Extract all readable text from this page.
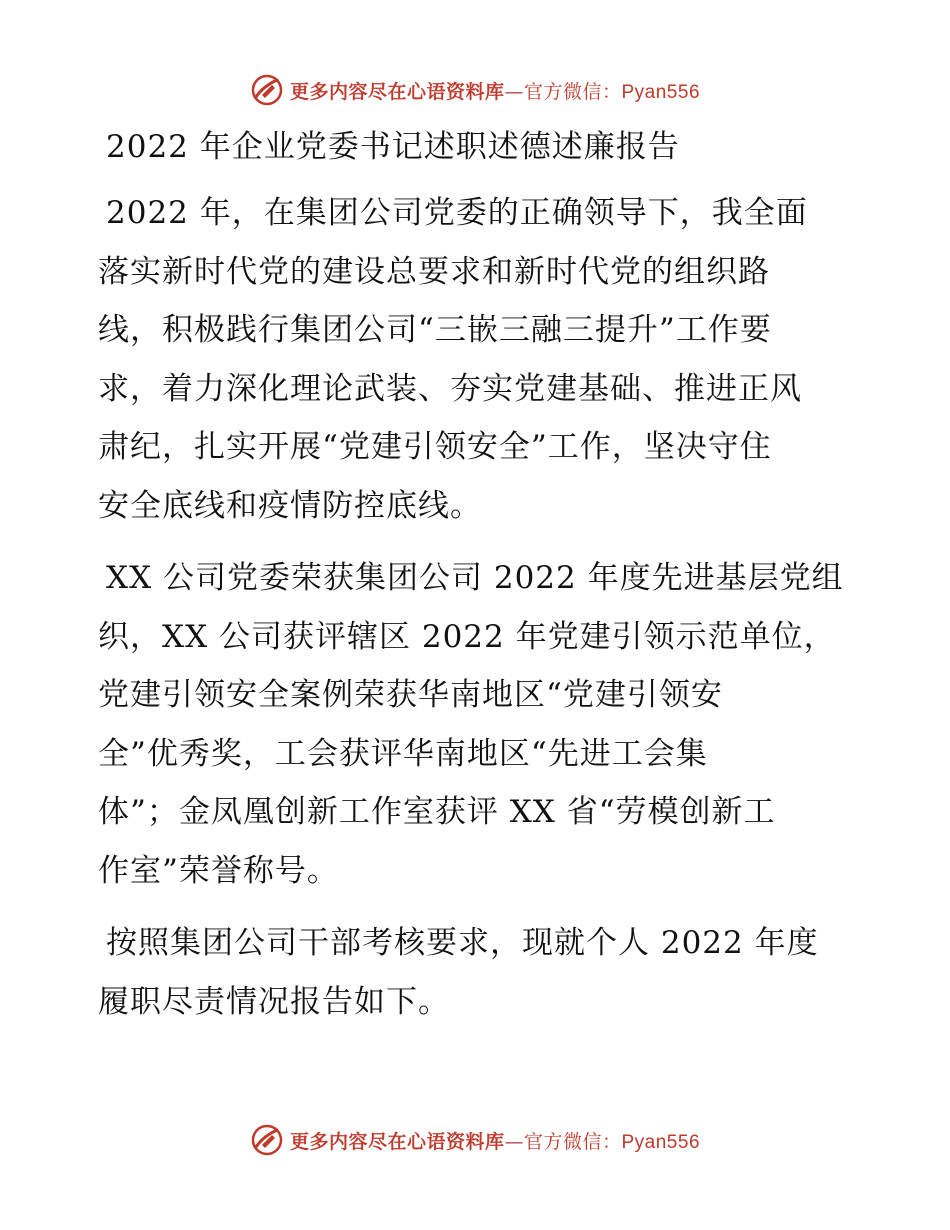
更多内容尽在心语资料库—官方微信：Pyan556
2022 年企业党委书记述职述德述廉报告
2022 年，在集团公司党委的正确领导下，我全面
落实新时代党的建设总要求和新时代党的组织路
线，积极践行集团公司“三嵌三融三提升”工作要
求，着力深化理论武装、夯实党建基础、推进正风
肃纪，扎实开展“党建引领安全”工作，坚决守住
安全底线和疫情防控底线。
XX 公司党委荣获集团公司 2022 年度先进基层党组
织，XX 公司获评辖区 2022 年党建引领示范单位，
党建引领安全案例荣获华南地区“党建引领安
全”优秀奖，工会获评华南地区“先进工会集
体”；金凤凰创新工作室获评 XX 省“劳模创新工
作室”荣誉称号。
按照集团公司干部考核要求，现就个人 2022 年度
履职尽责情况报告如下。
更多内容尽在心语资料库—官方微信：Pyan556
